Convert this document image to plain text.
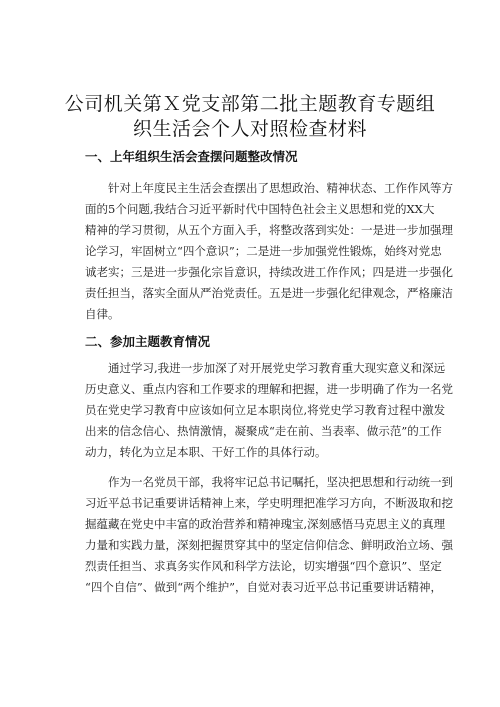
公司机关第Ｘ党支部第二批主题教育专题组
织生活会个人对照检查材料
一、上年组织生活会查摆问题整改情况
针对上年度民主生活会查摆出了思想政治、精神状态、工作作风等方
面的5个问题,我结合习近平新时代中国特色社会主义思想和党的XX大
精神的学习贯彻，从五个方面入手，将整改落到实处：一是进一步加强理
论学习，牢固树立“四个意识”；二是进一步加强党性锻炼，始终对党忠
诚老实；三是进一步强化宗旨意识，持续改进工作作风；四是进一步强化
责任担当，落实全面从严治党责任。五是进一步强化纪律观念，严格廉洁
自律。
二、参加主题教育情况
通过学习,我进一步加深了对开展党史学习教育重大现实意义和深远
历史意义、重点内容和工作要求的理解和把握，进一步明确了作为一名党
员在党史学习教育中应该如何立足本职岗位,将党史学习教育过程中激发
出来的信念信心、热情激情，凝聚成“走在前、当表率、做示范”的工作
动力，转化为立足本职、干好工作的具体行动。
作为一名党员干部，我将牢记总书记嘱托，坚决把思想和行动统一到
习近平总书记重要讲话精神上来，学史明理把准学习方向，不断汲取和挖
掘蕴藏在党史中丰富的政治营养和精神瑰宝,深刻感悟马克思主义的真理
力量和实践力量，深刻把握贯穿其中的坚定信仰信念、鲜明政治立场、强
烈责任担当、求真务实作风和科学方法论，切实增强“四个意识”、坚定
“四个自信”、做到“两个维护”，自觉对表习近平总书记重要讲话精神，
